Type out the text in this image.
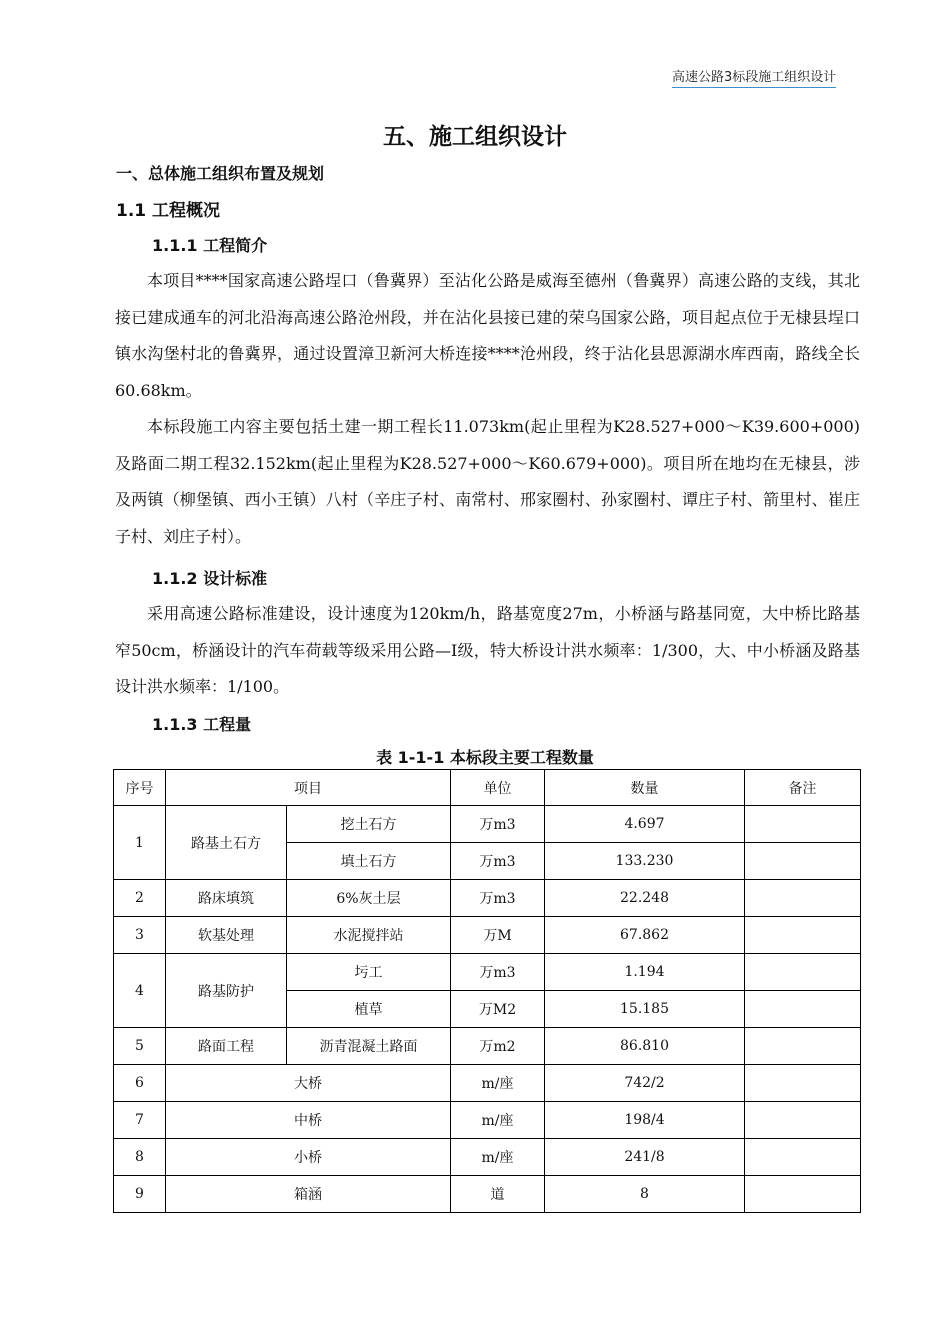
高速公路3标段施工组织设计
五、施工组织设计
一、总体施工组织布置及规划
1.1 工程概况
1.1.1 工程简介

本项目****国家高速公路埕口（鲁冀界）至沾化公路是威海至德州（鲁冀界）高速公路的支线，其北接已建成通车的河北沿海高速公路沧州段，并在沾化县接已建的荣乌国家公路，项目起点位于无棣县埕口镇水沟堡村北的鲁冀界，通过设置漳卫新河大桥连接****沧州段，终于沾化县思源湖水库西南，路线全长60.68km。

本标段施工内容主要包括土建一期工程长11.073km(起止里程为K28.527+000～K39.600+000)及路面二期工程32.152km(起止里程为K28.527+000～K60.679+000)。项目所在地均在无棣县，涉及两镇（柳堡镇、西小王镇）八村（辛庄子村、南常村、邢家圈村、孙家圈村、谭庄子村、箭里村、崔庄子村、刘庄子村）。

1.1.2 设计标准

采用高速公路标准建设，设计速度为120km/h，路基宽度27m，小桥涵与路基同宽，大中桥比路基窄50cm，桥涵设计的汽车荷载等级采用公路—I级，特大桥设计洪水频率：1/300，大、中小桥涵及路基设计洪水频率：1/100。

1.1.3 工程量
表 1-1-1 本标段主要工程数量
序号	项目		单位	数量	备注
1	路基土石方	挖土石方	万m3	4.697	
		填土石方	万m3	133.230	
2	路床填筑	6%灰土层	万m3	22.248	
3	软基处理	水泥搅拌站	万M	67.862	
4	路基防护	圬工	万m3	1.194	
		植草	万M2	15.185	
5	路面工程	沥青混凝土路面	万m2	86.810	
6	大桥		m/座	742/2	
7	中桥		m/座	198/4	
8	小桥		m/座	241/8	
9	箱涵		道	8	
